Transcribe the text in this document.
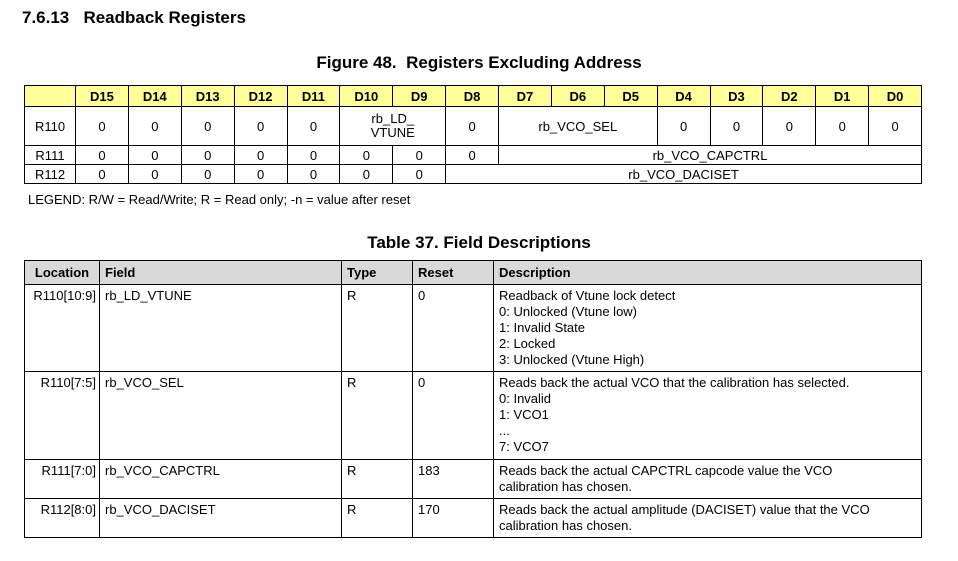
7.6.13 Readback Registers
Figure 48.  Registers Excluding Address
	D15	D14	D13	D12	D11	D10	D9	D8	D7	D6	D5	D4	D3	D2	D1	D0
R110	0	0	0	0	0	rb_LD_ VTUNE		0	rb_VCO_SEL			0	0	0	0	0
R111	0	0	0	0	0	0	0	0	rb_VCO_CAPCTRL							
R112	0	0	0	0	0	0	0	rb_VCO_DACISET								
LEGEND: R/W = Read/Write; R = Read only; -n = value after reset
Table 37. Field Descriptions
Location	Field	Type	Reset	Description
R110[10:9]	rb_LD_VTUNE	R	0	Readback of Vtune lock detect
0: Unlocked (Vtune low)
1: Invalid State
2: Locked
3: Unlocked (Vtune High)

R110[7:5]	rb_VCO_SEL	R	0	Reads back the actual VCO that the calibration has selected.
0: Invalid
1: VCO1
...
7: VCO7

R111[7:0]	rb_VCO_CAPCTRL	R	183	Reads back the actual CAPCTRL capcode value the VCO
calibration has chosen.

R112[8:0]	rb_VCO_DACISET	R	170	Reads back the actual amplitude (DACISET) value that the VCO
calibration has chosen.
